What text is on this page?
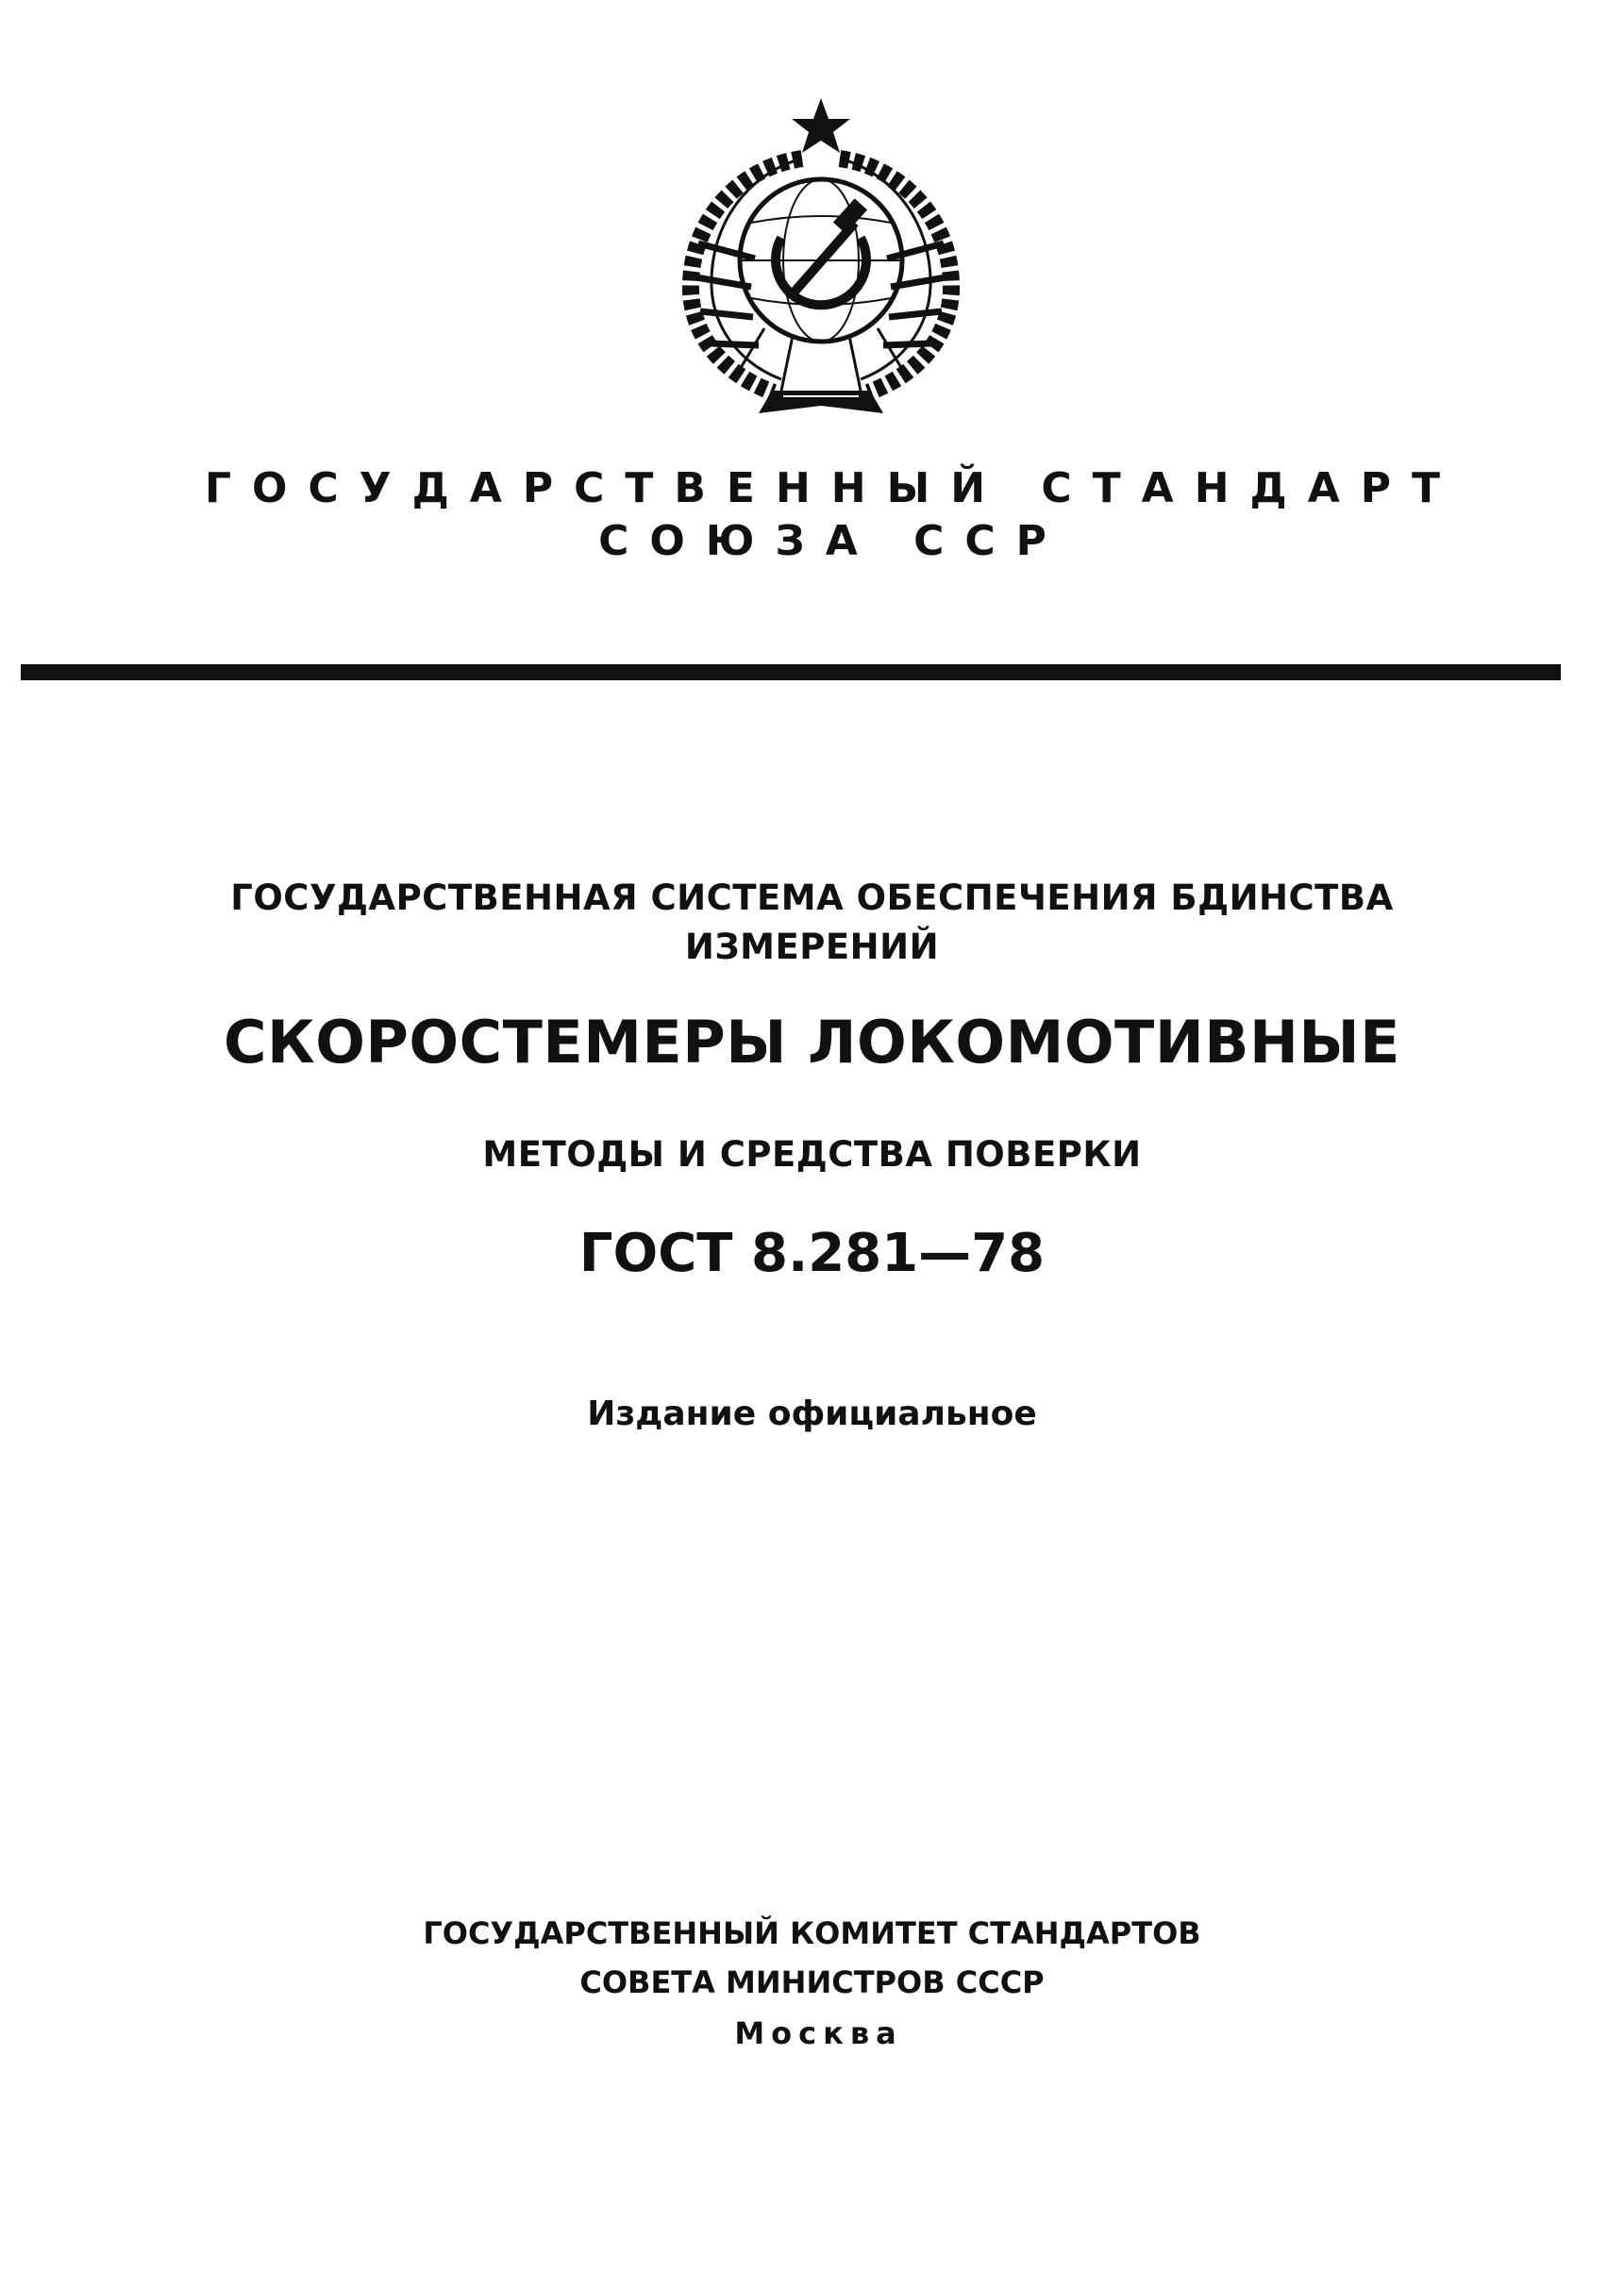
ГОСУДАРСТВЕННЫЙ СТАНДАРТ
СОЮЗА ССР
ГОСУДАРСТВЕННАЯ СИСТЕМА ОБЕСПЕЧЕНИЯ БДИНСТВА
ИЗМЕРЕНИЙ
СКОРОСТЕМЕРЫ ЛОКОМОТИВНЫЕ
МЕТОДЫ И СРЕДСТВА ПОВЕРКИ
ГОСТ 8.281—78
Издание официальное
ГОСУДАРСТВЕННЫЙ КОМИТЕТ СТАНДАРТОВ
СОВЕТА МИНИСТРОВ СССР
Москва
